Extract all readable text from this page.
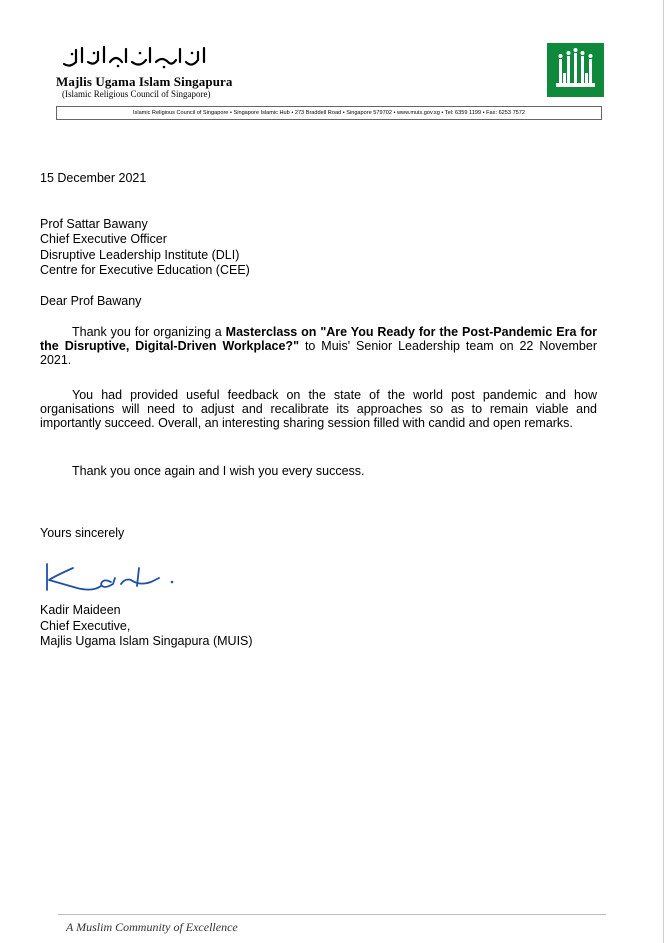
Majlis Ugama Islam Singapura
(Islamic Religious Council of Singapore)
Islamic Religious Council of Singapore • Singapore Islamic Hub • 273 Braddell Road • Singapore 579702 • www.muis.gov.sg • Tel: 6359 1199 • Fax: 6253 7572
15 December 2021
Prof Sattar Bawany
Chief Executive Officer
Disruptive Leadership Institute (DLI)
Centre for Executive Education (CEE)
Dear Prof Bawany
Thank you for organizing a Masterclass on "Are You Ready for the Post-Pandemic Era for the Disruptive, Digital-Driven Workplace?" to Muis' Senior Leadership team on 22 November 2021.
You had provided useful feedback on the state of the world post pandemic and how organisations will need to adjust and recalibrate its approaches so as to remain viable and importantly succeed. Overall, an interesting sharing session filled with candid and open remarks.
Thank you once again and I wish you every success.
Yours sincerely
Kadir Maideen
Chief Executive,
Majlis Ugama Islam Singapura (MUIS)
A Muslim Community of Excellence
